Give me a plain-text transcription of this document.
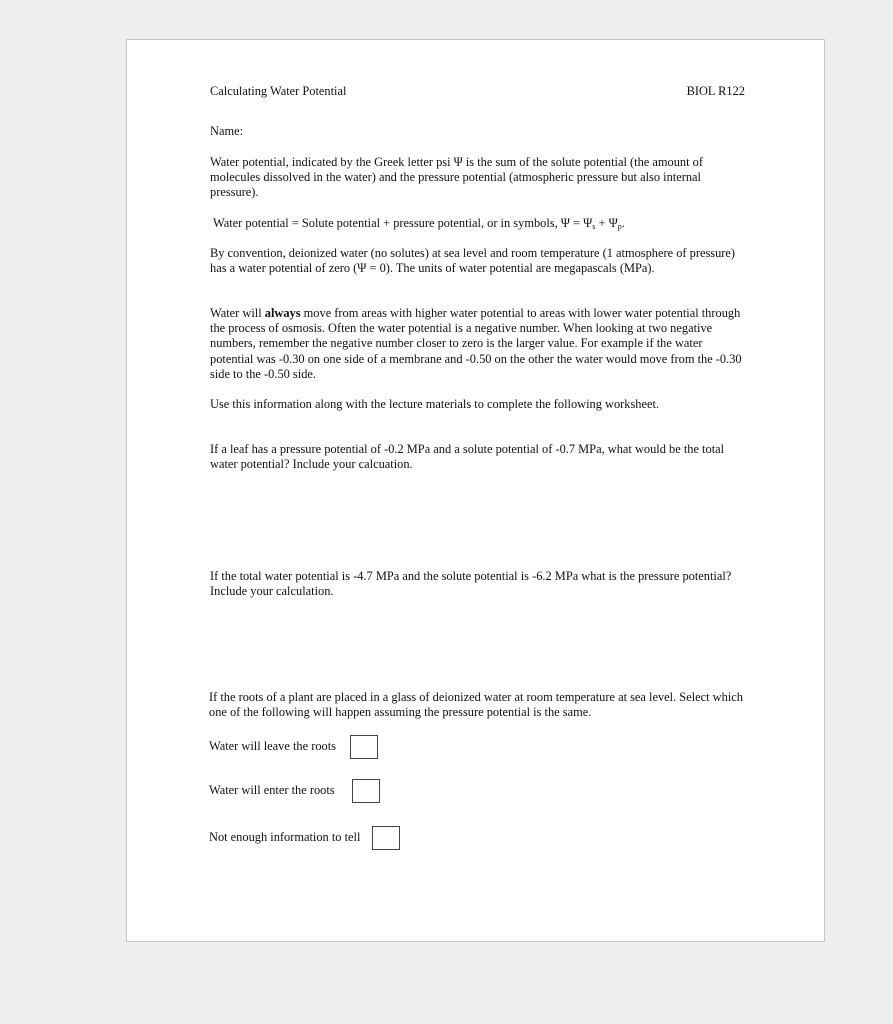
Calculating Water Potential	BIOL R122

Name:

Water potential, indicated by the Greek letter psi Ψ is the sum of the solute potential (the amount of molecules dissolved in the water) and the pressure potential (atmospheric pressure but also internal pressure).

Water potential = Solute potential + pressure potential, or in symbols, $\Psi = \Psi_s + \Psi_p$.

By convention, deionized water (no solutes) at sea level and room temperature (1 atmosphere of pressure) has a water potential of zero (Ψ = 0). The units of water potential are megapascals (MPa).

Water will always move from areas with higher water potential to areas with lower water potential through the process of osmosis. Often the water potential is a negative number. When looking at two negative numbers, remember the negative number closer to zero is the larger value. For example if the water potential was -0.30 on one side of a membrane and -0.50 on the other the water would move from the -0.30 side to the -0.50 side.

Use this information along with the lecture materials to complete the following worksheet.

If a leaf has a pressure potential of -0.2 MPa and a solute potential of -0.7 MPa, what would be the total water potential? Include your calcuation.

If the total water potential is -4.7 MPa and the solute potential is -6.2 MPa what is the pressure potential? Include your calculation.

If the roots of a plant are placed in a glass of deionized water at room temperature at sea level. Select which one of the following will happen assuming the pressure potential is the same.

Water will leave the roots
Water will enter the roots
Not enough information to tell
